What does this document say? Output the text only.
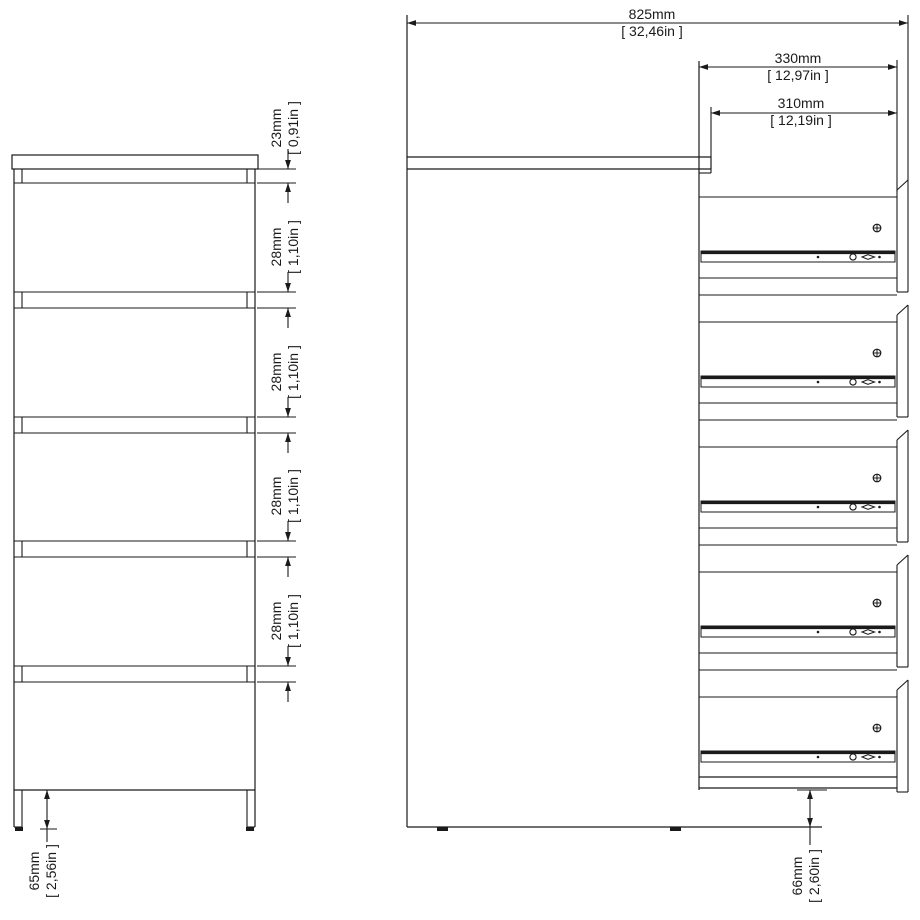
825mm
[ 32,46in ]
330mm
[ 12,97in ]
310mm
[ 12,19in ]
23mm [ 0,91in ]
28mm [ 1,10in ]
28mm [ 1,10in ]
28mm [ 1,10in ]
28mm [ 1,10in ]
65mm [ 2,56in ]	66mm [ 2,60in ]
